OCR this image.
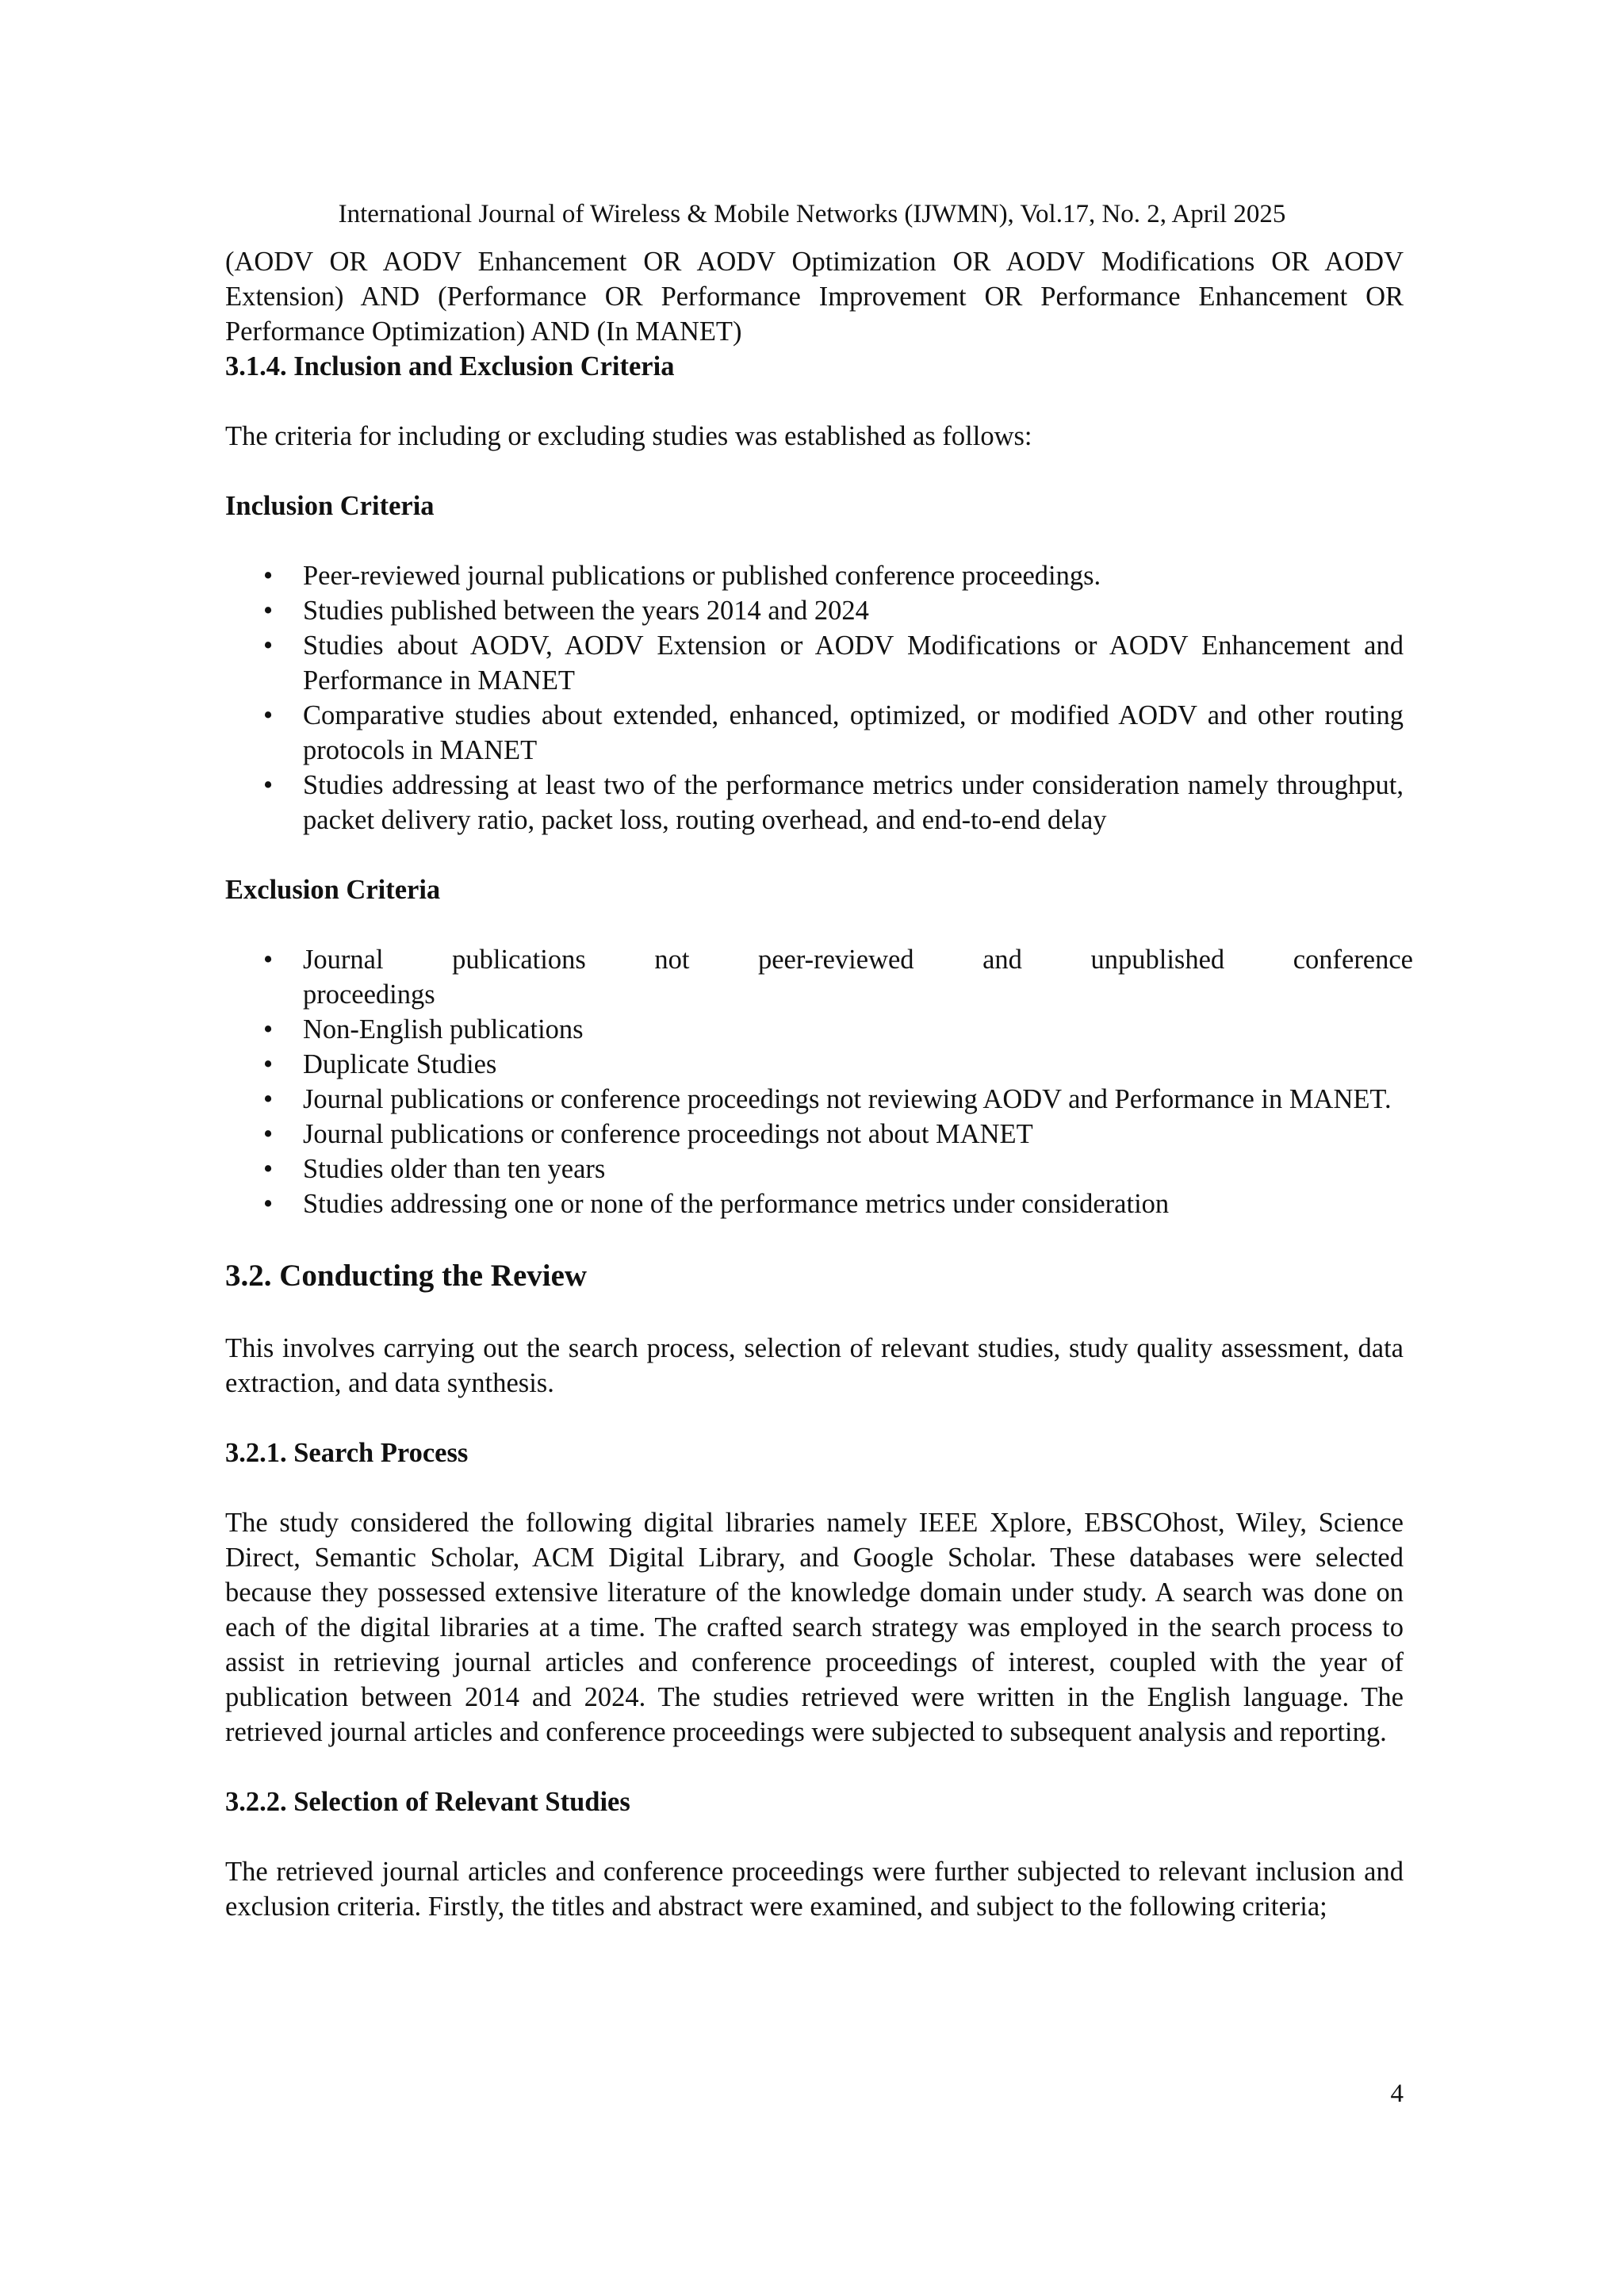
International Journal of Wireless & Mobile Networks (IJWMN), Vol.17, No. 2, April 2025

(AODV OR AODV Enhancement OR AODV Optimization OR AODV Modifications OR AODV Extension) AND (Performance OR Performance Improvement OR Performance Enhancement OR Performance Optimization) AND (In MANET)

3.1.4. Inclusion and Exclusion Criteria

The criteria for including or excluding studies was established as follows:

Inclusion Criteria
• Peer-reviewed journal publications or published conference proceedings.
• Studies published between the years 2014 and 2024
• Studies about AODV, AODV Extension or AODV Modifications or AODV Enhancement and Performance in MANET
• Comparative studies about extended, enhanced, optimized, or modified AODV and other routing protocols in MANET
• Studies addressing at least two of the performance metrics under consideration namely throughput, packet delivery ratio, packet loss, routing overhead, and end-to-end delay
Exclusion Criteria
• Journal	publications	not	peer-reviewed	and	unpublished	conference
proceedings
• Non-English publications
• Duplicate Studies
• Journal publications or conference proceedings not reviewing AODV and Performance in MANET.
• Journal publications or conference proceedings not about MANET
• Studies older than ten years
• Studies addressing one or none of the performance metrics under consideration
3.2. Conducting the Review

This involves carrying out the search process, selection of relevant studies, study quality assessment, data extraction, and data synthesis.

3.2.1. Search Process

The study considered the following digital libraries namely IEEE Xplore, EBSCOhost, Wiley, Science Direct, Semantic Scholar, ACM Digital Library, and Google Scholar. These databases were selected because they possessed extensive literature of the knowledge domain under study. A search was done on each of the digital libraries at a time. The crafted search strategy was employed in the search process to assist in retrieving journal articles and conference proceedings of interest, coupled with the year of publication between 2014 and 2024. The studies retrieved were written in the English language. The retrieved journal articles and conference proceedings were subjected to subsequent analysis and reporting.

3.2.2. Selection of Relevant Studies

The retrieved journal articles and conference proceedings were further subjected to relevant inclusion and exclusion criteria. Firstly, the titles and abstract were examined, and subject to the following criteria;

4
